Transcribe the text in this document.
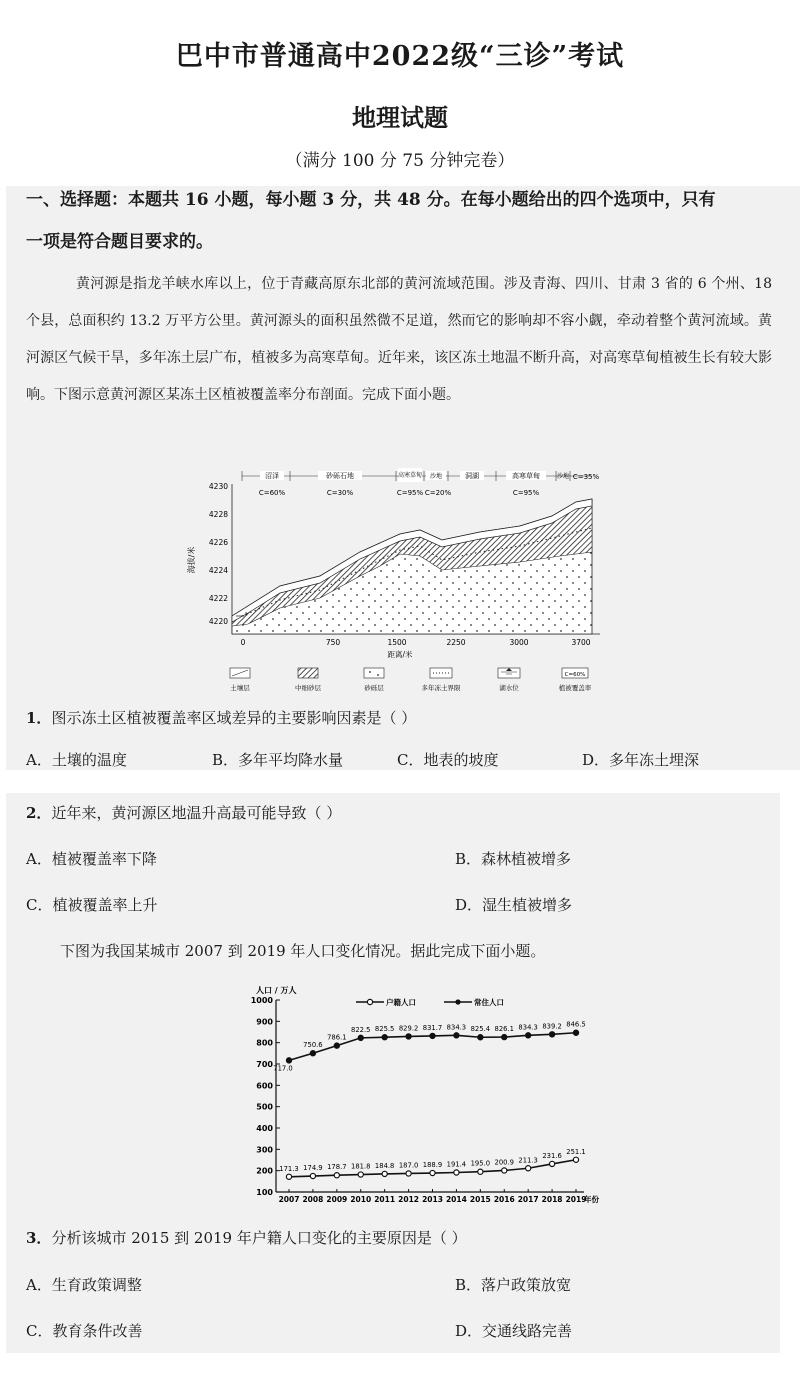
巴中市普通高中2022级“三诊”考试
地理试题
（满分 100 分 75 分钟完卷）
一、选择题：本题共 16 小题，每小题 3 分，共 48 分。在每小题给出的四个选项中，只有
一项是符合题目要求的。
黄河源是指龙羊峡水库以上，位于青藏高原东北部的黄河流域范围。涉及青海、四川、甘肃 3 省的 6 个州、18 个县，总面积约 13.2 万平方公里。黄河源头的面积虽然微不足道，然而它的影响却不容小觑，牵动着整个黄河流域。黄河源区气候干旱，多年冻土层广布，植被多为高寒草甸。近年来，该区冻土地温不断升高，对高寒草甸植被生长有较大影响。下图示意黄河源区某冻土区植被覆盖率分布剖面。完成下面小题。
沼泽
C=60%
砂砾石地
C=30%
高寒草甸
C=95%
沙地
C=20%
洞湖	高寒草甸
C=95%
沙地 C=35%
4230
4228
4226
4224
4222
4220
海拔/米
0	750	1500	2250	3000	3700
距离/米
土壤层	中细砂层	砂砾层	多年冻土界限	湖水位
C=60%
植被覆盖率
1．图示冻土区植被覆盖率区域差异的主要影响因素是（ ）
A．土壤的温度	B．多年平均降水量	C．地表的坡度	D．多年冻土埋深
2．近年来，黄河源区地温升高最可能导致（ ）
A．植被覆盖率下降	B．森林植被增多
C．植被覆盖率上升	D．湿生植被增多
下图为我国某城市 2007 到 2019 年人口变化情况。据此完成下面小题。
人口 / 万人
户籍人口	常住人口
100
200
300
400
500
600
700
800
900
1000
2007 2008 2009 2010 2011 2012 2013 2014 2015 2016 2017 2018 2019
年份
171.3 174.9 178.7 181.8 184.8 187.0 188.9 191.4 195.0 200.9 211.3
231.6
251.1
717.0
750.6
786.1
822.5 825.5 829.2 831.7 834.3 825.4 826.1 834.3 839.2 846.5
3．分析该城市 2015 到 2019 年户籍人口变化的主要原因是（ ）
A．生育政策调整	B．落户政策放宽
C．教育条件改善	D．交通线路完善
